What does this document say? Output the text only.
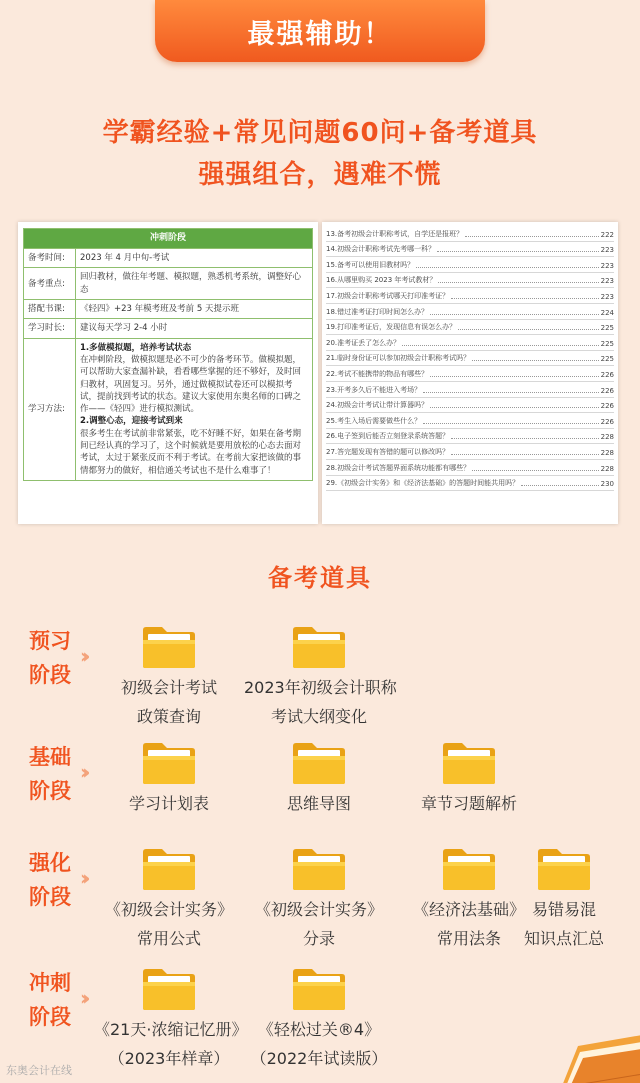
最强辅助！
学霸经验+常见问题60问+备考道具
强强组合，遇难不慌
冲刺阶段	
备考时间:	2023 年 4 月中旬-考试
备考重点:	回归教材，做往年考题、模拟题，熟悉机考系统，调整好心态
搭配书课:	《轻四》+23 年模考班及考前 5 天提示班
学习时长:	建议每天学习 2-4 小时
学习方法:	1.多做模拟题，培养考试状态
在冲刺阶段，做模拟题是必不可少的备考环节。做模拟题，可以帮助大家查漏补缺，看看哪些掌握的还不够好，及时回归教材，巩固复习。另外，通过做模拟试卷还可以模拟考试，提前找到考试的状态。建议大家使用东奥名师的口碑之作——《轻四》进行模拟测试。
2.调整心态，迎接考试到来
很多考生在考试前非常紧张，吃不好睡不好，如果在备考期间已经认真的学习了，这个时候就是要用放松的心态去面对考试，太过于紧张反而不利于考试。在考前大家把该做的事情都努力的做好，相信通关考试也不是什么难事了！
13.备考初级会计职称考试，自学还是报班？	222
14.初级会计职称考试先考哪一科？	223
15.备考可以使用旧教材吗？	223
16.从哪里购买 2023 年考试教材？	223
17.初级会计职称考试哪天打印准考证？	223
18.错过准考证打印时间怎么办？	224
19.打印准考证后，发现信息有误怎么办？	225
20.准考证丢了怎么办？	225
21.临时身份证可以参加初级会计职称考试吗？	225
22.考试不能携带的物品有哪些？	226
23.开考多久后不能进入考场？	226
24.初级会计考试让带计算器吗？	226
25.考生入场后需要做些什么？	226
26.电子签到后能否立刻登录系统答题？	228
27.答完题发现有答错的题可以修改吗？	228
28.初级会计考试答题界面系统功能都有哪些？	228
29.《初级会计实务》和《经济法基础》的答题时间能共用吗？	230
备考道具
预习
阶段
››
初级会计考试
政策查询
2023年初级会计职称
考试大纲变化
基础
阶段
››
学习计划表	思维导图	章节习题解析
强化
阶段
››
《初级会计实务》
常用公式
《初级会计实务》
分录
《经济法基础》
常用法条
易错易混
知识点汇总
冲刺
阶段
››
《21天·浓缩记忆册》
（2023年样章）
《轻松过关®4》
（2022年试读版）
东奥会计在线
